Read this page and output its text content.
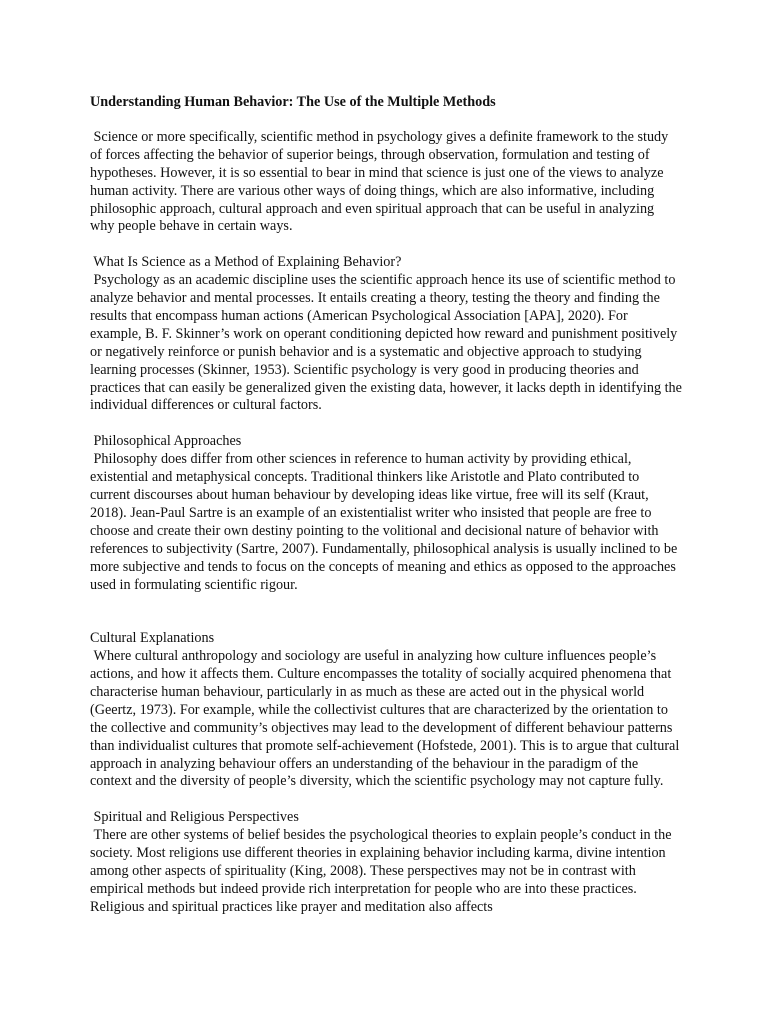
Understanding Human Behavior: The Use of the Multiple Methods

Science or more specifically, scientific method in psychology gives a definite framework to the study of forces affecting the behavior of superior beings, through observation, formulation and testing of hypotheses. However, it is so essential to bear in mind that science is just one of the views to analyze human activity. There are various other ways of doing things, which are also informative, including philosophic approach, cultural approach and even spiritual approach that can be useful in analyzing why people behave in certain ways.

What Is Science as a Method of Explaining Behavior?

Psychology as an academic discipline uses the scientific approach hence its use of scientific method to analyze behavior and mental processes. It entails creating a theory, testing the theory and finding the results that encompass human actions (American Psychological Association [APA], 2020). For example, B. F. Skinner’s work on operant conditioning depicted how reward and punishment positively or negatively reinforce or punish behavior and is a systematic and objective approach to studying learning processes (Skinner, 1953). Scientific psychology is very good in producing theories and practices that can easily be generalized given the existing data, however, it lacks depth in identifying the individual differences or cultural factors.

Philosophical Approaches

Philosophy does differ from other sciences in reference to human activity by providing ethical, existential and metaphysical concepts. Traditional thinkers like Aristotle and Plato contributed to current discourses about human behaviour by developing ideas like virtue, free will its self (Kraut, 2018). Jean-Paul Sartre is an example of an existentialist writer who insisted that people are free to choose and create their own destiny pointing to the volitional and decisional nature of behavior with references to subjectivity (Sartre, 2007). Fundamentally, philosophical analysis is usually inclined to be more subjective and tends to focus on the concepts of meaning and ethics as opposed to the approaches used in formulating scientific rigour.

Cultural Explanations

Where cultural anthropology and sociology are useful in analyzing how culture influences people’s actions, and how it affects them. Culture encompasses the totality of socially acquired phenomena that characterise human behaviour, particularly in as much as these are acted out in the physical world (Geertz, 1973). For example, while the collectivist cultures that are characterized by the orientation to the collective and community’s objectives may lead to the development of different behaviour patterns than individualist cultures that promote self-achievement (Hofstede, 2001). This is to argue that cultural approach in analyzing behaviour offers an understanding of the behaviour in the paradigm of the context and the diversity of people’s diversity, which the scientific psychology may not capture fully.

Spiritual and Religious Perspectives

There are other systems of belief besides the psychological theories to explain people’s conduct in the society. Most religions use different theories in explaining behavior including karma, divine intention among other aspects of spirituality (King, 2008). These perspectives may not be in contrast with empirical methods but indeed provide rich interpretation for people who are into these practices. Religious and spiritual practices like prayer and meditation also affects
